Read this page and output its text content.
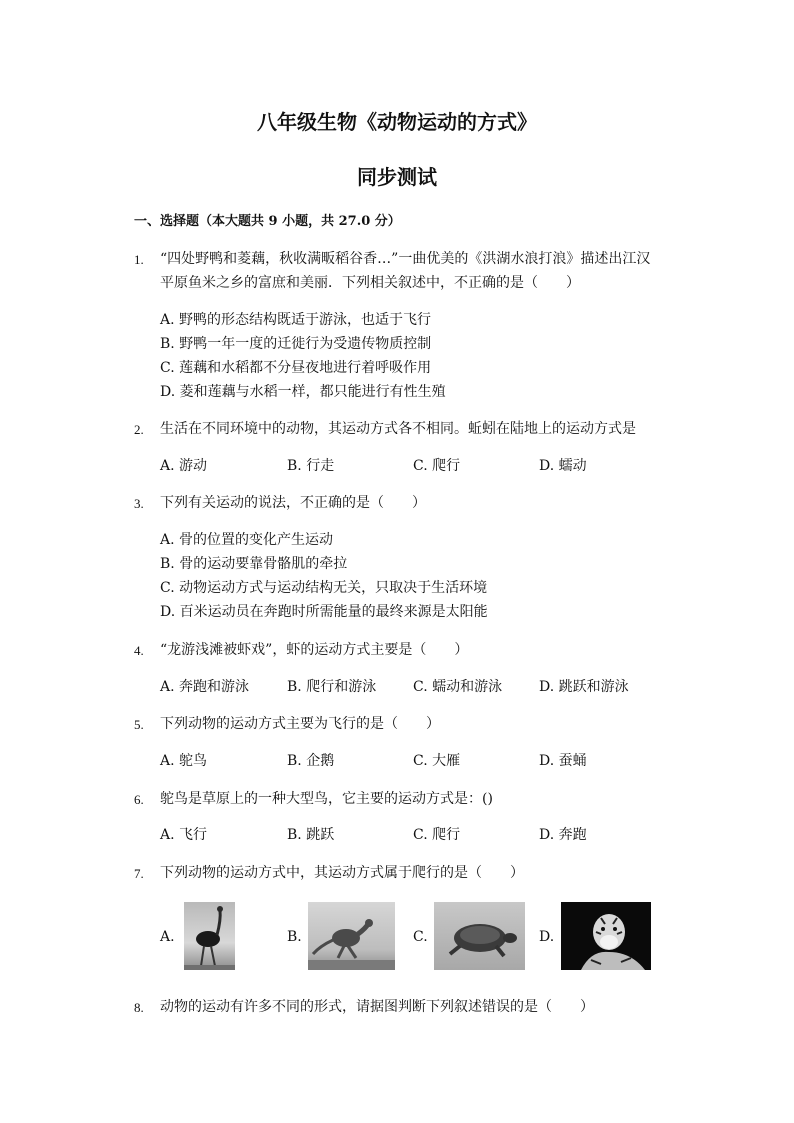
八年级生物《动物运动的方式》
同步测试
一、选择题（本大题共 9 小题，共 27.0 分）
1. “四处野鸭和菱藕，秋收满畈稻谷香…”一曲优美的《洪湖水浪打浪》描述出江汉
平原鱼米之乡的富庶和美丽．下列相关叙述中，不正确的是（　　）
A. 野鸭的形态结构既适于游泳，也适于飞行
B. 野鸭一年一度的迁徙行为受遗传物质控制
C. 莲藕和水稻都不分昼夜地进行着呼吸作用
D. 菱和莲藕与水稻一样，都只能进行有性生殖
2. 生活在不同环境中的动物，其运动方式各不相同。蚯蚓在陆地上的运动方式是
A. 游动	B. 行走	C. 爬行	D. 蠕动
3. 下列有关运动的说法，不正确的是（　　）
A. 骨的位置的变化产生运动
B. 骨的运动要靠骨骼肌的牵拉
C. 动物运动方式与运动结构无关，只取决于生活环境
D. 百米运动员在奔跑时所需能量的最终来源是太阳能
4. “龙游浅滩被虾戏”，虾的运动方式主要是（　　）
A. 奔跑和游泳	B. 爬行和游泳	C. 蠕动和游泳	D. 跳跃和游泳
5. 下列动物的运动方式主要为飞行的是（　　）
A. 鸵鸟	B. 企鹅	C. 大雁	D. 蚕蛹
6. 鸵鸟是草原上的一种大型鸟，它主要的运动方式是：()
A. 飞行	B. 跳跃	C. 爬行	D. 奔跑
7. 下列动物的运动方式中，其运动方式属于爬行的是（　　）
A.	B.	C.	D.
8. 动物的运动有许多不同的形式，请据图判断下列叙述错误的是（　　）
